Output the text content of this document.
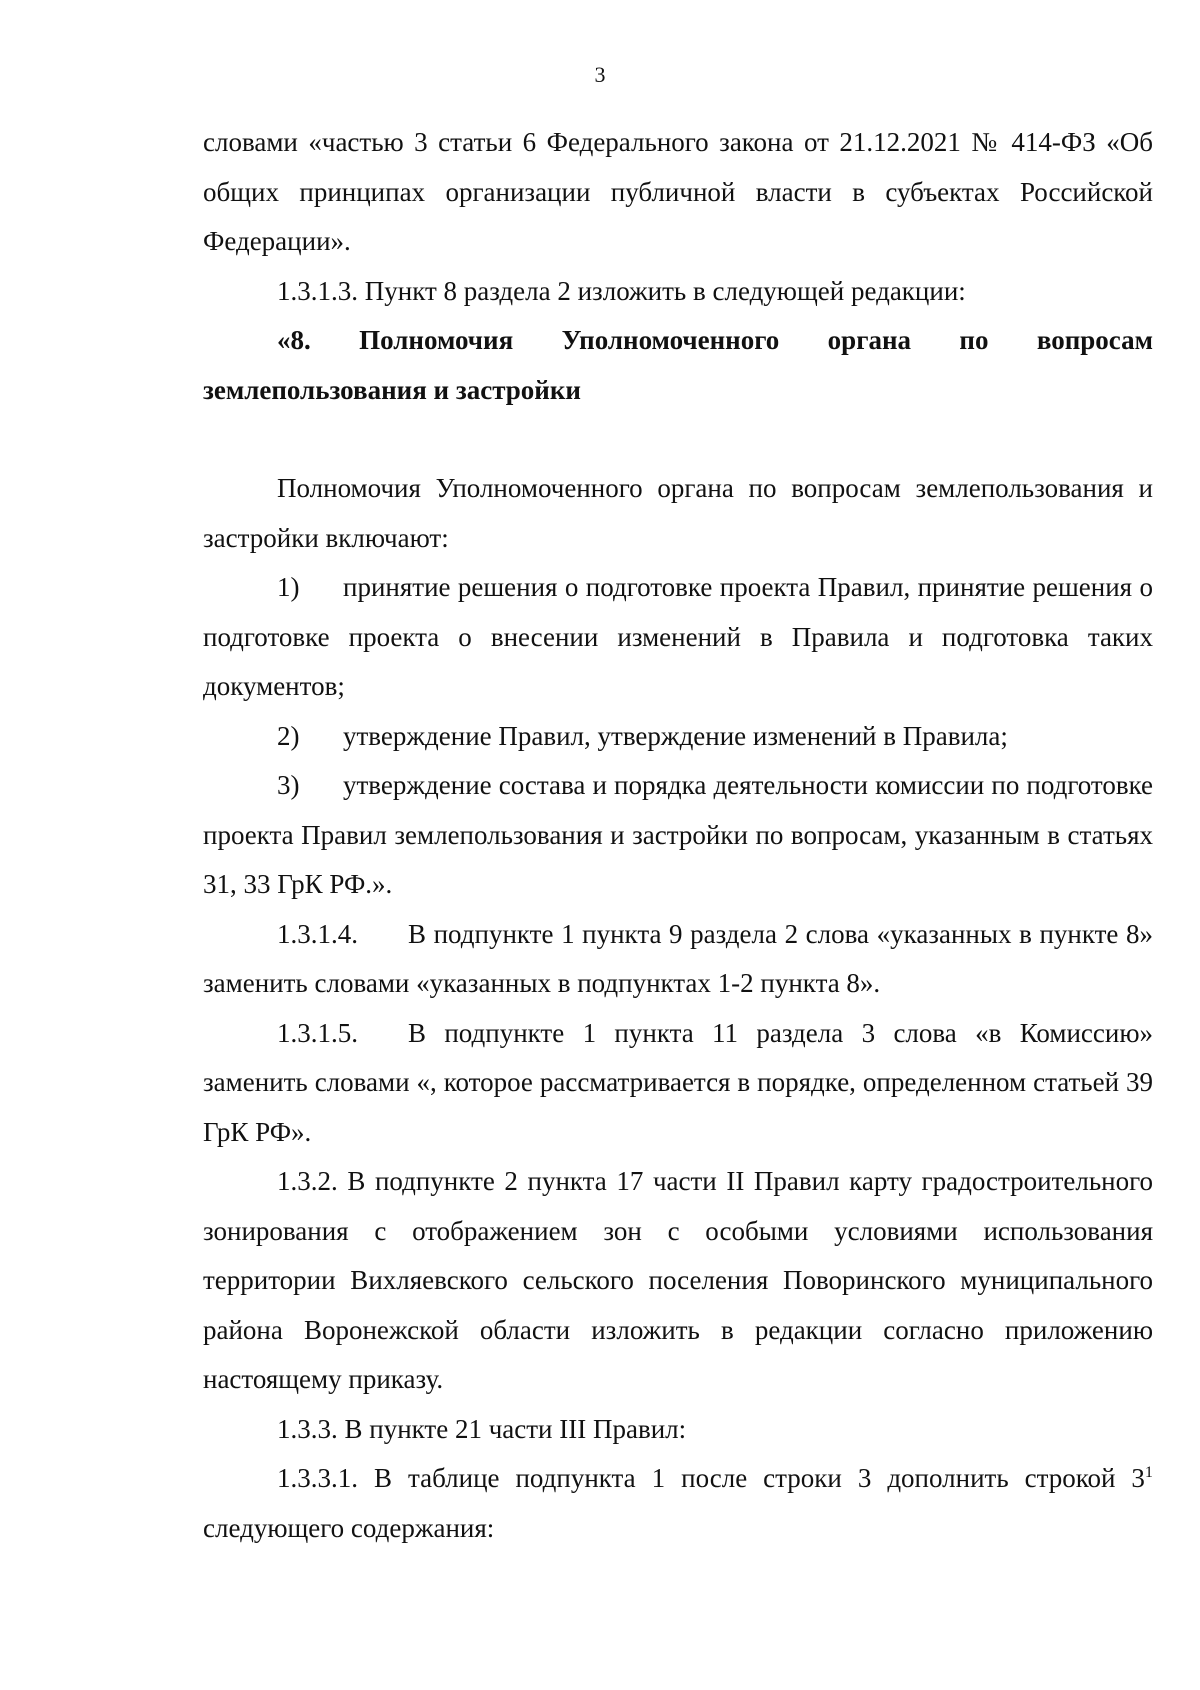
3

словами «частью 3 статьи 6 Федерального закона от 21.12.2021 № 414-ФЗ «Об общих принципах организации публичной власти в субъектах Российской Федерации».

1.3.1.3. Пункт 8 раздела 2 изложить в следующей редакции:

«8. Полномочия Уполномоченного органа по вопросам землепользования и застройки

Полномочия Уполномоченного органа по вопросам землепользования и застройки включают:

1) принятие решения о подготовке проекта Правил, принятие решения о подготовке проекта о внесении изменений в Правила и подготовка таких документов;

2) утверждение Правил, утверждение изменений в Правила;

3) утверждение состава и порядка деятельности комиссии по подготовке проекта Правил землепользования и застройки по вопросам, указанным в статьях 31, 33 ГрК РФ.».

1.3.1.4. В подпункте 1 пункта 9 раздела 2 слова «указанных в пункте 8» заменить словами «указанных в подпунктах 1-2 пункта 8».

1.3.1.5. В подпункте 1 пункта 11 раздела 3 слова «в Комиссию» заменить словами «, которое рассматривается в порядке, определенном статьей 39 ГрК РФ».

1.3.2. В подпункте 2 пункта 17 части II Правил карту градостроительного зонирования с отображением зон с особыми условиями использования территории Вихляевского сельского поселения Поворинского муниципального района Воронежской области изложить в редакции согласно приложению настоящему приказу.

1.3.3. В пункте 21 части III Правил:

1.3.3.1. В таблице подпункта 1 после строки 3 дополнить строкой $3^1$ следующего содержания:
